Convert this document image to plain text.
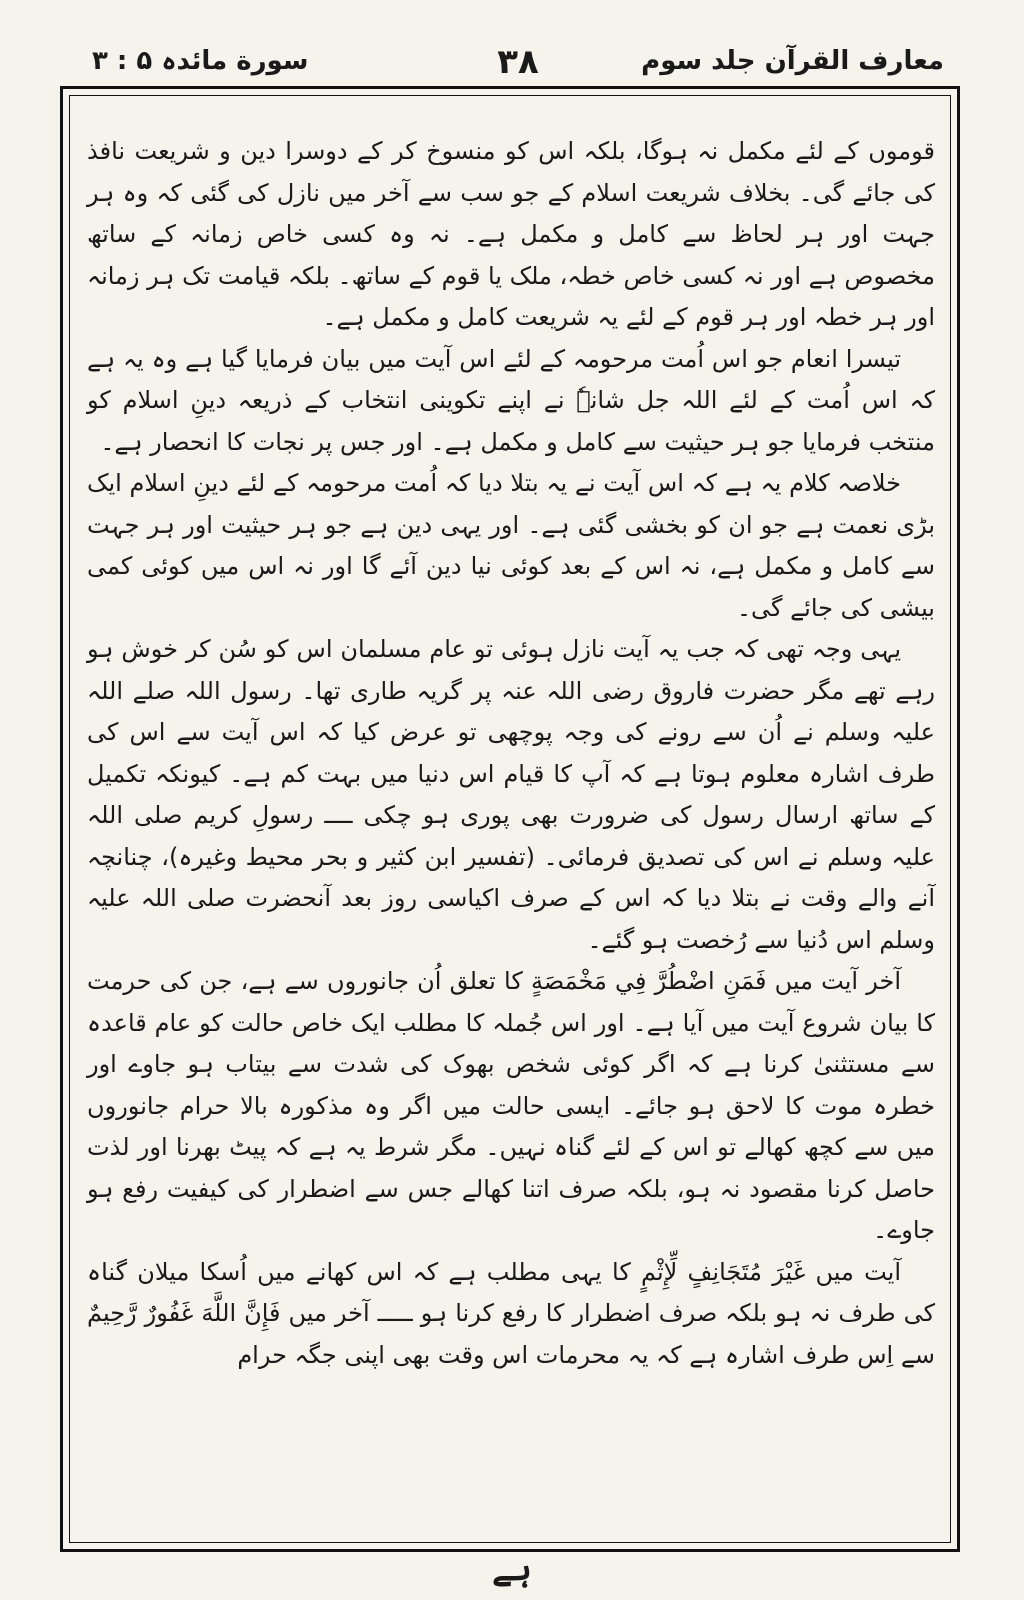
معارف القرآن جلد سوم
۳۸
سورة مائدہ ۵ : ۳

قوموں کے لئے مکمل نہ ہوگا، بلکہ اس کو منسوخ کر کے دوسرا دین و شریعت نافذ کی جائے گی۔ بخلاف شریعت اسلام کے جو سب سے آخر میں نازل کی گئی کہ وہ ہر جہت اور ہر لحاظ سے کامل و مکمل ہے۔ نہ وہ کسی خاص زمانہ کے ساتھ مخصوص ہے اور نہ کسی خاص خطہ، ملک یا قوم کے ساتھ۔ بلکہ قیامت تک ہر زمانہ اور ہر خطہ اور ہر قوم کے لئے یہ شریعت کامل و مکمل ہے۔

تیسرا انعام جو اس اُمت مرحومہ کے لئے اس آیت میں بیان فرمایا گیا ہے وہ یہ ہے کہ اس اُمت کے لئے اللہ جل شانہٗ نے اپنے تکوینی انتخاب کے ذریعہ دینِ اسلام کو منتخب فرمایا جو ہر حیثیت سے کامل و مکمل ہے۔ اور جس پر نجات کا انحصار ہے۔

خلاصہ کلام یہ ہے کہ اس آیت نے یہ بتلا دیا کہ اُمت مرحومہ کے لئے دینِ اسلام ایک بڑی نعمت ہے جو ان کو بخشی گئی ہے۔ اور یہی دین ہے جو ہر حیثیت اور ہر جہت سے کامل و مکمل ہے، نہ اس کے بعد کوئی نیا دین آئے گا اور نہ اس میں کوئی کمی بیشی کی جائے گی۔

یہی وجہ تھی کہ جب یہ آیت نازل ہوئی تو عام مسلمان اس کو سُن کر خوش ہو رہے تھے مگر حضرت فاروق رضی اللہ عنہ پر گریہ طاری تھا۔ رسول اللہ صلے اللہ علیہ وسلم نے اُن سے رونے کی وجہ پوچھی تو عرض کیا کہ اس آیت سے اس کی طرف اشارہ معلوم ہوتا ہے کہ آپ کا قیام اس دنیا میں بہت کم ہے۔ کیونکہ تکمیل کے ساتھ ارسال رسول کی ضرورت بھی پوری ہو چکی ــــ رسولِ کریم صلی اللہ علیہ وسلم نے اس کی تصدیق فرمائی۔ (تفسیر ابن کثیر و بحر محیط وغیرہ)، چنانچہ آنے والے وقت نے بتلا دیا کہ اس کے صرف اکیاسی روز بعد آنحضرت صلی اللہ علیہ وسلم اس دُنیا سے رُخصت ہو گئے۔

آخر آیت میں فَمَنِ اضْطُرَّ فِي مَخْمَصَةٍ کا تعلق اُن جانوروں سے ہے، جن کی حرمت کا بیان شروع آیت میں آیا ہے۔ اور اس جُملہ کا مطلب ایک خاص حالت کو عام قاعدہ سے مستثنیٰ کرنا ہے کہ اگر کوئی شخص بھوک کی شدت سے بیتاب ہو جاوے اور خطرہ موت کا لاحق ہو جائے۔ ایسی حالت میں اگر وہ مذکورہ بالا حرام جانوروں میں سے کچھ کھالے تو اس کے لئے گناہ نہیں۔ مگر شرط یہ ہے کہ پیٹ بھرنا اور لذت حاصل کرنا مقصود نہ ہو، بلکہ صرف اتنا کھالے جس سے اضطرار کی کیفیت رفع ہو جاوے۔

آیت میں غَيْرَ مُتَجَانِفٍ لِّإِثْمٍ کا یہی مطلب ہے کہ اس کھانے میں اُسکا میلان گناہ کی طرف نہ ہو بلکہ صرف اضطرار کا رفع کرنا ہو ـــــ آخر میں فَإِنَّ اللَّهَ غَفُورٌ رَّحِيمٌ سے اِس طرف اشارہ ہے کہ یہ محرمات اس وقت بھی اپنی جگہ حرام

ہے
